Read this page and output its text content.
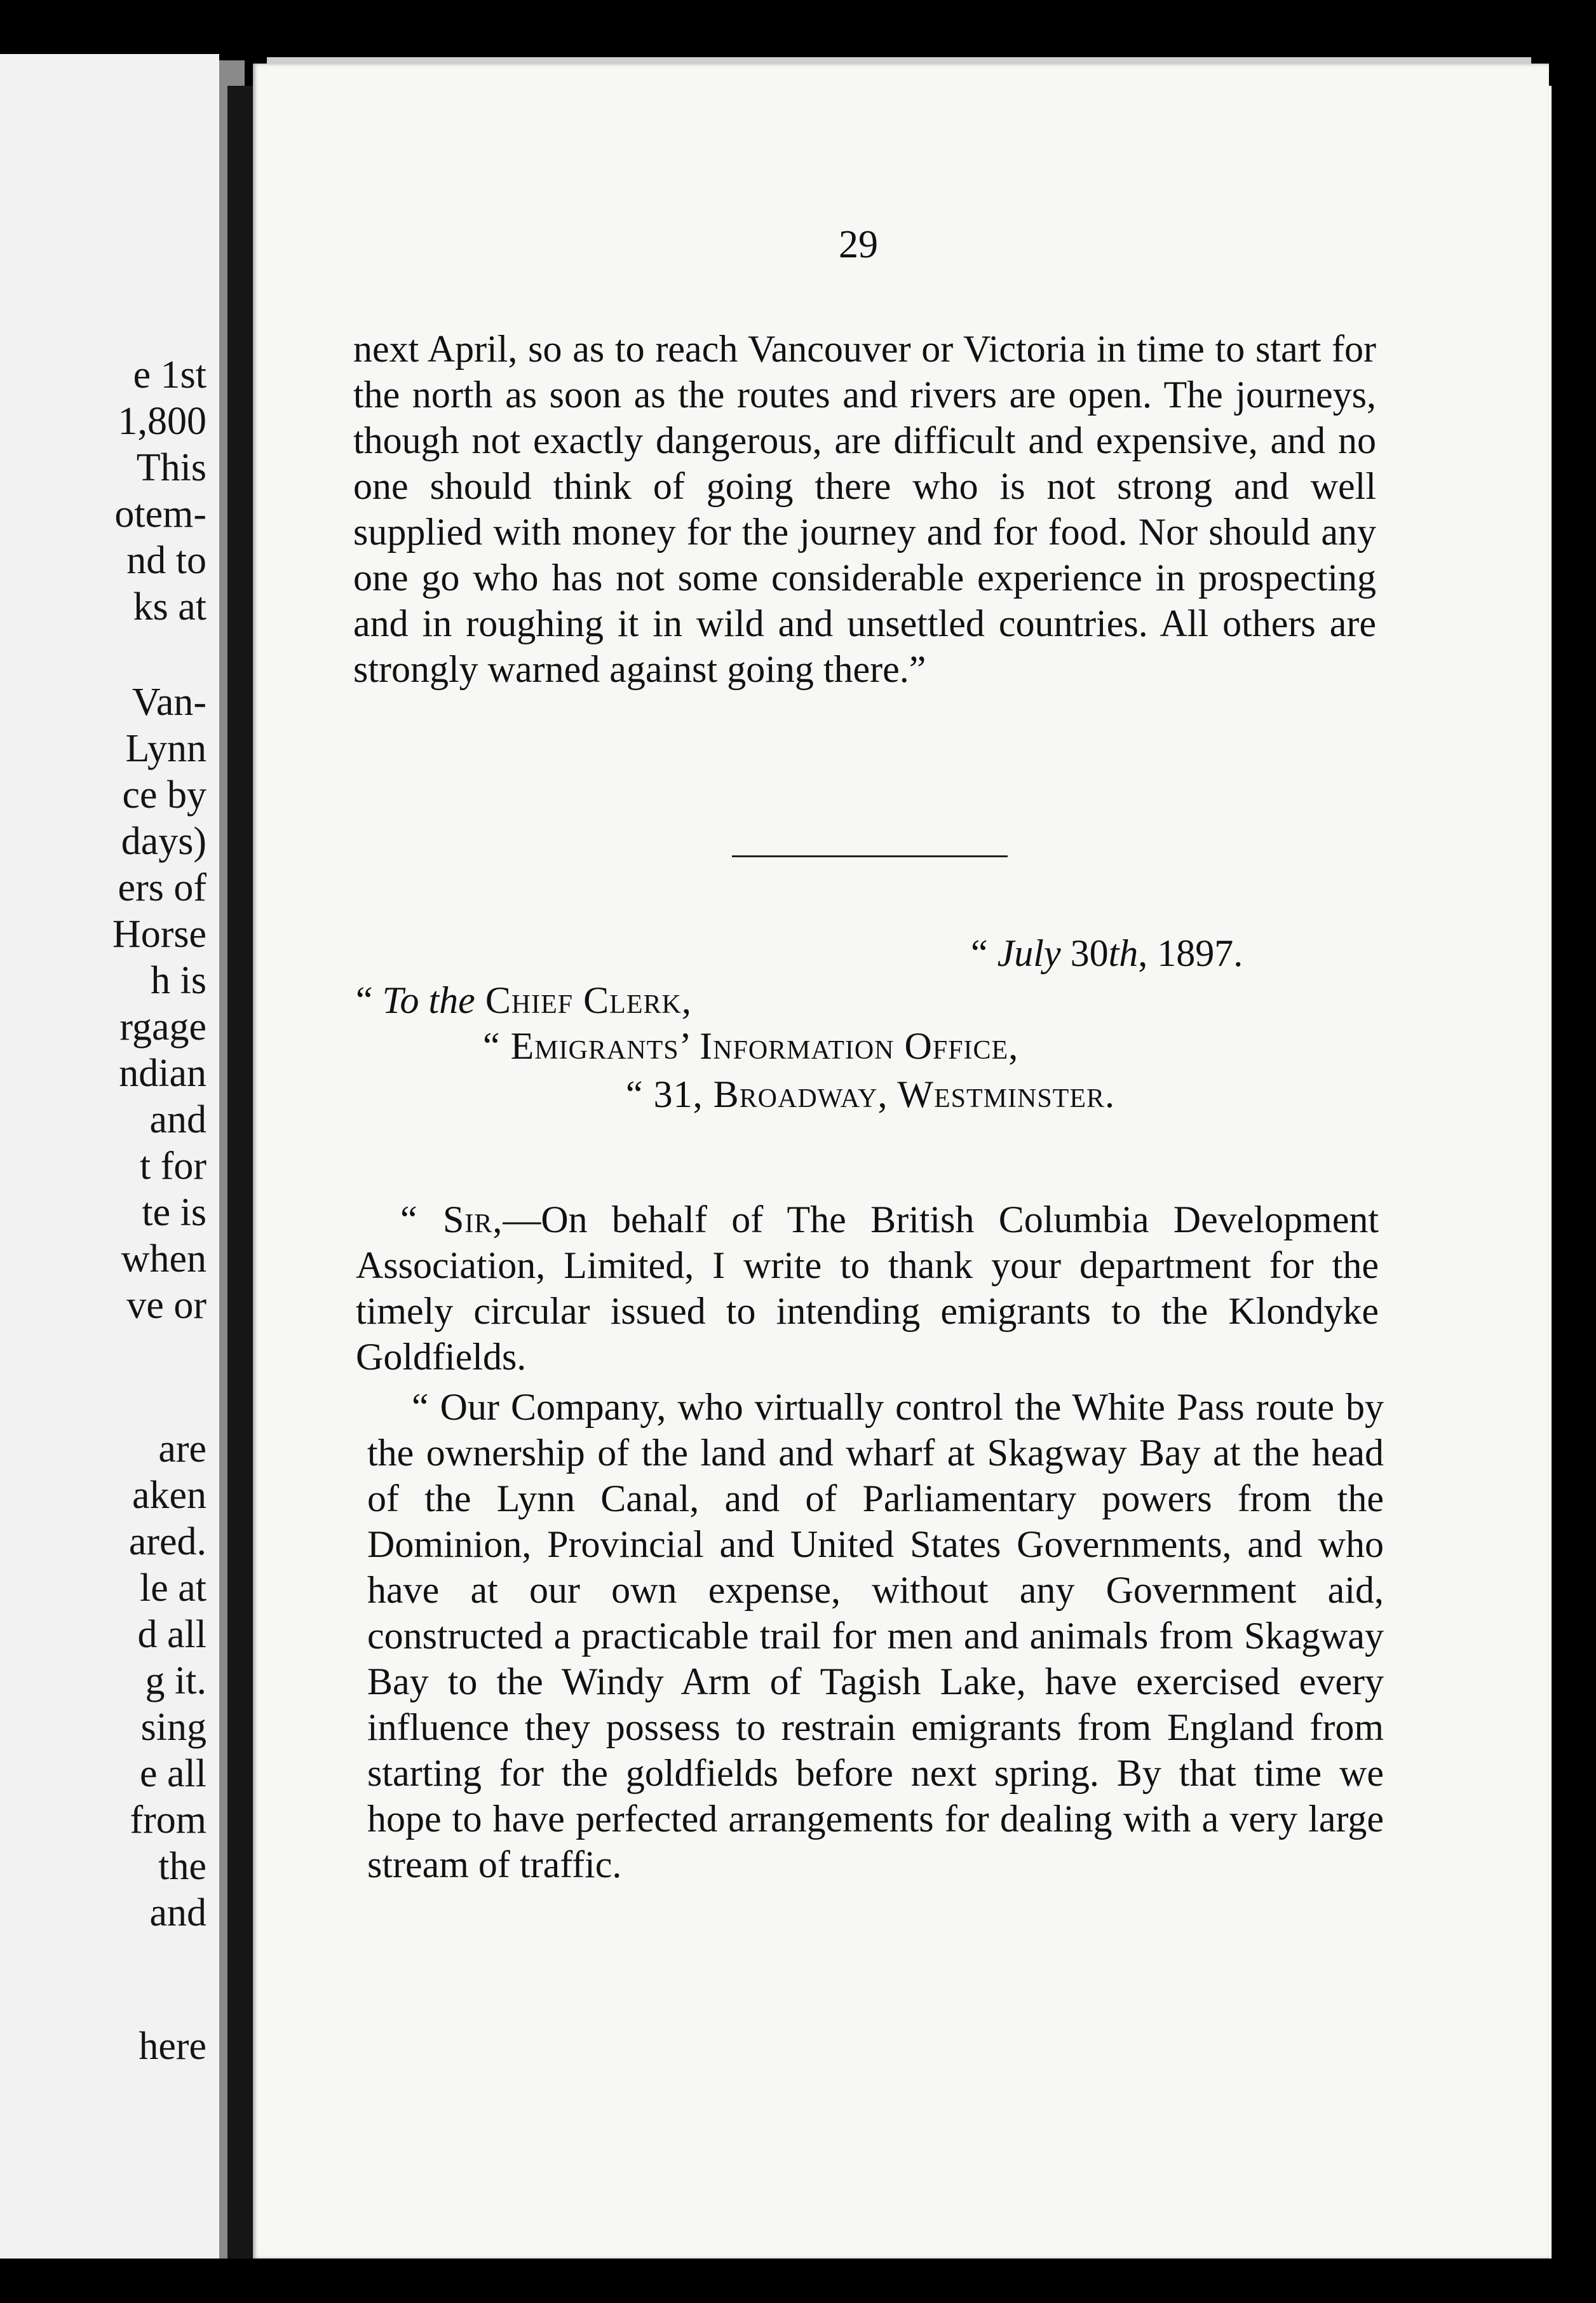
e 1st
1,800
This
otem-
nd to
ks at
Van-
Lynn
ce by
days)
ers of
Horse
h is
rgage
ndian
and
t for
te is
when
ve or
are
aken
ared.
le at
d all
g it.
sing
e all
from
the
and
here
29

next April, so as to reach Vancouver or Victoria in time to start for the north as soon as the routes and rivers are open. The journeys, though not exactly dangerous, are difficult and expensive, and no one should think of going there who is not strong and well supplied with money for the journey and for food. Nor should any one go who has not some considerable experience in prospecting and in roughing it in wild and unsettled countries. All others are strongly warned against going there.”

“ July 30th, 1897.
“ To the Chief Clerk,
“ Emigrants’ Information Office,
“ 31, Broadway, Westminster.

“ Sir,—On behalf of The British Columbia Development Association, Limited, I write to thank your department for the timely circular issued to intending emigrants to the Klondyke Goldfields.

“ Our Company, who virtually control the White Pass route by the ownership of the land and wharf at Skagway Bay at the head of the Lynn Canal, and of Parliamentary powers from the Dominion, Provincial and United States Governments, and who have at our own expense, without any Government aid, constructed a practicable trail for men and animals from Skagway Bay to the Windy Arm of Tagish Lake, have exercised every influence they possess to restrain emigrants from England from starting for the goldfields before next spring. By that time we hope to have perfected arrangements for dealing with a very large stream of traffic.
